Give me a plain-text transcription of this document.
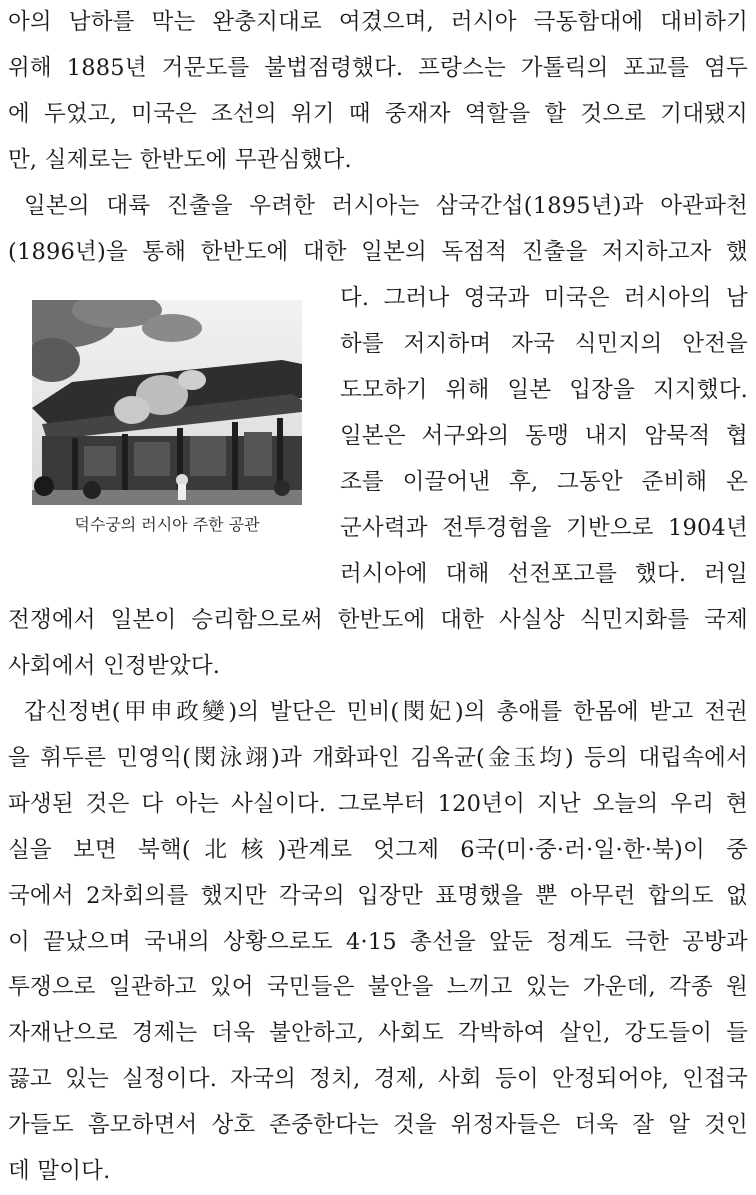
아의 남하를 막는 완충지대로 여겼으며, 러시아 극동함대에 대비하기
위해 1885년 거문도를 불법점령했다. 프랑스는 가톨릭의 포교를 염두
에 두었고, 미국은 조선의 위기 때 중재자 역할을 할 것으로 기대됐지
만, 실제로는 한반도에 무관심했다.
일본의 대륙 진출을 우려한 러시아는 삼국간섭(1895년)과 아관파천
(1896년)을 통해 한반도에 대한 일본의 독점적 진출을 저지하고자 했
덕수궁의 러시아 주한 공관
다. 그러나 영국과 미국은 러시아의 남
하를 저지하며 자국 식민지의 안전을
도모하기 위해 일본 입장을 지지했다.
일본은 서구와의 동맹 내지 암묵적 협
조를 이끌어낸 후, 그동안 준비해 온
군사력과 전투경험을 기반으로 1904년
러시아에 대해 선전포고를 했다. 러일
전쟁에서 일본이 승리함으로써 한반도에 대한 사실상 식민지화를 국제
사회에서 인정받았다.
갑신정변(甲申政變)의 발단은 민비(閔妃)의 총애를 한몸에 받고 전권
을 휘두른 민영익(閔泳翊)과 개화파인 김옥균(金玉均) 등의 대립속에서
파생된 것은 다 아는 사실이다. 그로부터 120년이 지난 오늘의 우리 현
실을 보면 북핵(北核)관계로 엇그제 6국(미·중·러·일·한·북)이 중
국에서 2차회의를 했지만 각국의 입장만 표명했을 뿐 아무런 합의도 없
이 끝났으며 국내의 상황으로도 4·15 총선을 앞둔 정계도 극한 공방과
투쟁으로 일관하고 있어 국민들은 불안을 느끼고 있는 가운데, 각종 원
자재난으로 경제는 더욱 불안하고, 사회도 각박하여 살인, 강도들이 들
끓고 있는 실정이다. 자국의 정치, 경제, 사회 등이 안정되어야, 인접국
가들도 흠모하면서 상호 존중한다는 것을 위정자들은 더욱 잘 알 것인
데 말이다.
